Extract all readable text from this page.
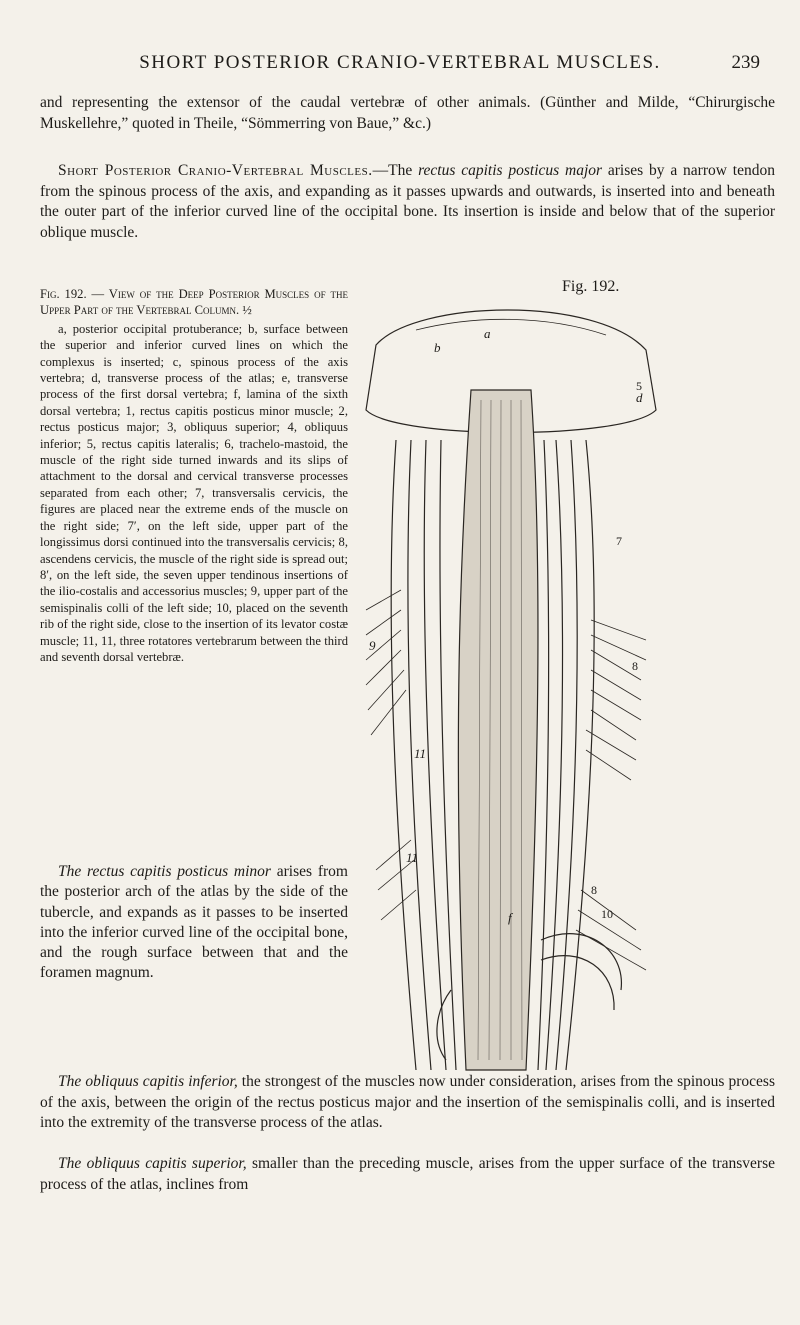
SHORT POSTERIOR CRANIO-VERTEBRAL MUSCLES.	239

and representing the extensor of the caudal vertebræ of other animals. (Günther and Milde, “Chirurgische Muskellehre,” quoted in Theile, “Sömmerring von Baue,” &c.)

Short Posterior Cranio-Vertebral Muscles.—The rectus capitis posticus major arises by a narrow tendon from the spinous process of the axis, and expanding as it passes upwards and outwards, is inserted into and beneath the outer part of the inferior curved line of the occipital bone. Its insertion is inside and below that of the superior oblique muscle.

Fig. 192. — View of the Deep Posterior Muscles of the Upper Part of the Vertebral Column. ½
a, posterior occipital protuberance; b, surface between the superior and inferior curved lines on which the complexus is inserted; c, spinous process of the axis vertebra; d, transverse process of the atlas; e, transverse process of the first dorsal vertebra; f, lamina of the sixth dorsal vertebra; 1, rectus capitis posticus minor muscle; 2, rectus posticus major; 3, obliquus superior; 4, obliquus inferior; 5, rectus capitis lateralis; 6, trachelo-mastoid, the muscle of the right side turned inwards and its slips of attachment to the dorsal and cervical transverse processes separated from each other; 7, transversalis cervicis, the figures are placed near the extreme ends of the muscle on the right side; 7′, on the left side, upper part of the longissimus dorsi continued into the transversalis cervicis; 8, ascendens cervicis, the muscle of the right side is spread out; 8′, on the left side, the seven upper tendinous insertions of the ilio-costalis and accessorius muscles; 9, upper part of the semispinalis colli of the left side; 10, placed on the seventh rib of the right side, close to the insertion of its levator costæ muscle; 11, 11, three rotatores vertebrarum between the third and seventh dorsal vertebræ.

The rectus capitis posticus minor arises from the posterior arch of the atlas by the side of the tubercle, and expands as it passes to be inserted into the inferior curved line of the occipital bone, and the rough surface between that and the foramen magnum.

Fig. 192.
a
b
d
5
7
8
8
9
10
11
11
f

The obliquus capitis inferior, the strongest of the muscles now under consideration, arises from the spinous process of the axis, between the origin of the rectus posticus major and the insertion of the semispinalis colli, and is inserted into the extremity of the transverse process of the atlas.

The obliquus capitis superior, smaller than the preceding muscle, arises from the upper surface of the transverse process of the atlas, inclines from
